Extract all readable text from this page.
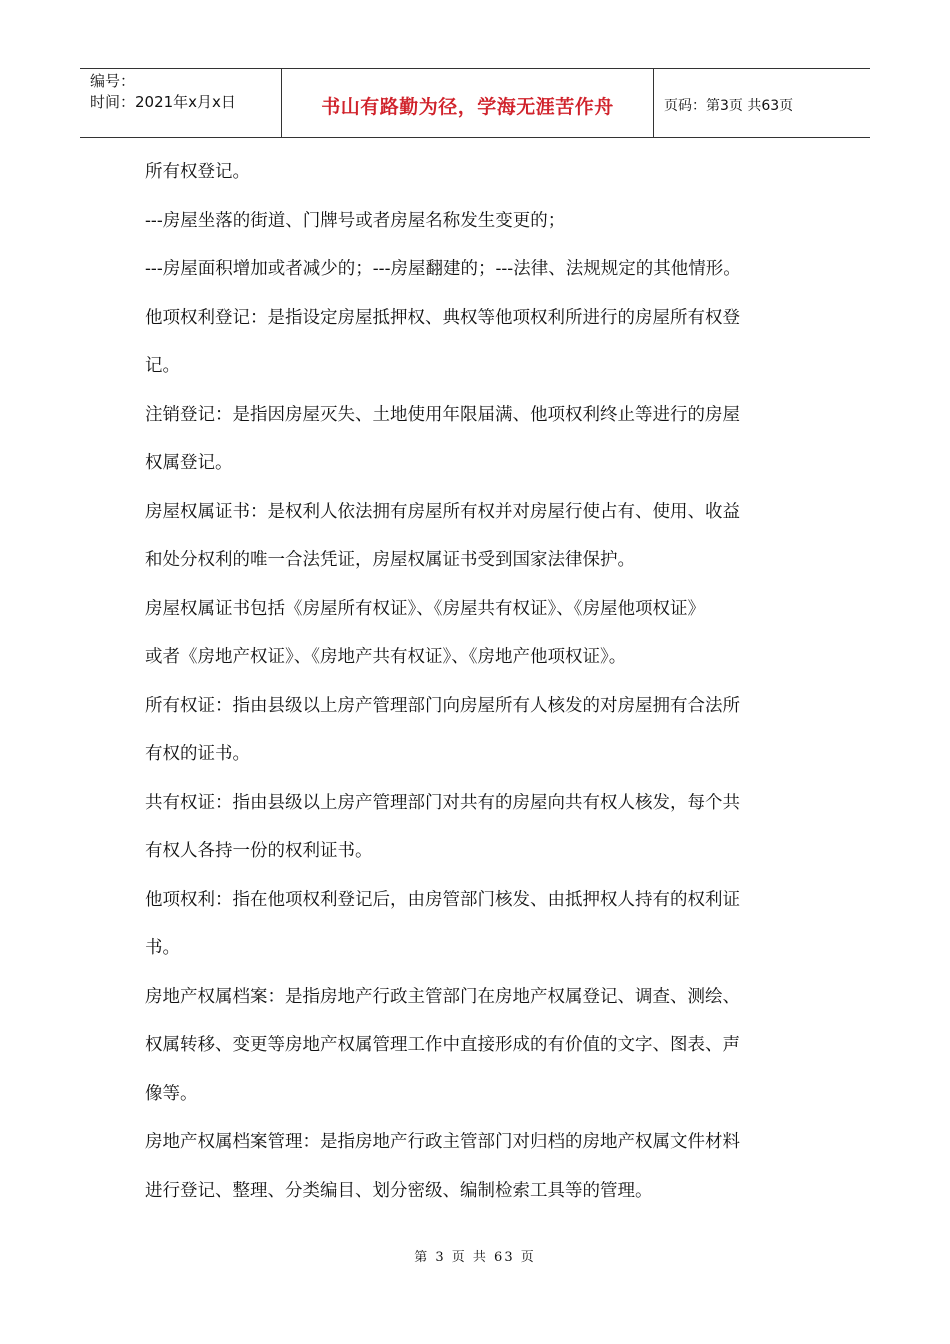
编号：
时间：2021年x月x日	书山有路勤为径，学海无涯苦作舟	页码：第3页 共63页

所有权登记。

---房屋坐落的街道、门牌号或者房屋名称发生变更的；

---房屋面积增加或者减少的；---房屋翻建的；---法律、法规规定的其他情形。

他项权利登记：是指设定房屋抵押权、典权等他项权利所进行的房屋所有权登

记。

注销登记：是指因房屋灭失、土地使用年限届满、他项权利终止等进行的房屋

权属登记。

房屋权属证书：是权利人依法拥有房屋所有权并对房屋行使占有、使用、收益

和处分权利的唯一合法凭证，房屋权属证书受到国家法律保护。

房屋权属证书包括《房屋所有权证》、《房屋共有权证》、《房屋他项权证》

或者《房地产权证》、《房地产共有权证》、《房地产他项权证》。

所有权证：指由县级以上房产管理部门向房屋所有人核发的对房屋拥有合法所

有权的证书。

共有权证：指由县级以上房产管理部门对共有的房屋向共有权人核发，每个共

有权人各持一份的权利证书。

他项权利：指在他项权利登记后，由房管部门核发、由抵押权人持有的权利证

书。

房地产权属档案：是指房地产行政主管部门在房地产权属登记、调查、测绘、

权属转移、变更等房地产权属管理工作中直接形成的有价值的文字、图表、声

像等。

房地产权属档案管理：是指房地产行政主管部门对归档的房地产权属文件材料

进行登记、整理、分类编目、划分密级、编制检索工具等的管理。

第 3 页 共 63 页
